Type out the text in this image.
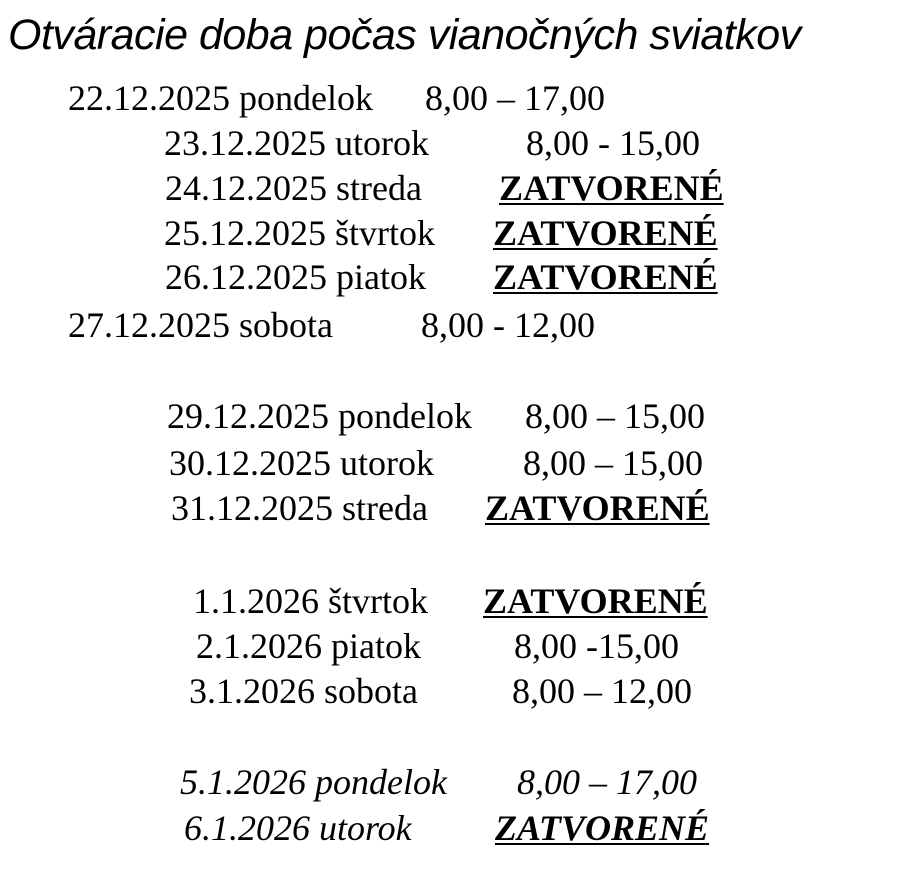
Otváracie doba počas vianočných sviatkov
22.12.2025 pondelok 8,00 – 17,00
23.12.2025 utorok	8,00 - 15,00
24.12.2025 streda ZATVORENÉ
25.12.2025 štvrtok ZATVORENÉ
26.12.2025 piatok ZATVORENÉ
27.12.2025 sobota 8,00 - 12,00
29.12.2025 pondelok 8,00 – 15,00
30.12.2025 utorok 8,00 – 15,00
31.12.2025 streda ZATVORENÉ
1.1.2026 štvrtok ZATVORENÉ
2.1.2026 piatok	8,00 -15,00
3.1.2026 sobota	8,00 – 12,00
5.1.2026 pondelok 8,00 – 17,00
6.1.2026 utorok ZATVORENÉ
